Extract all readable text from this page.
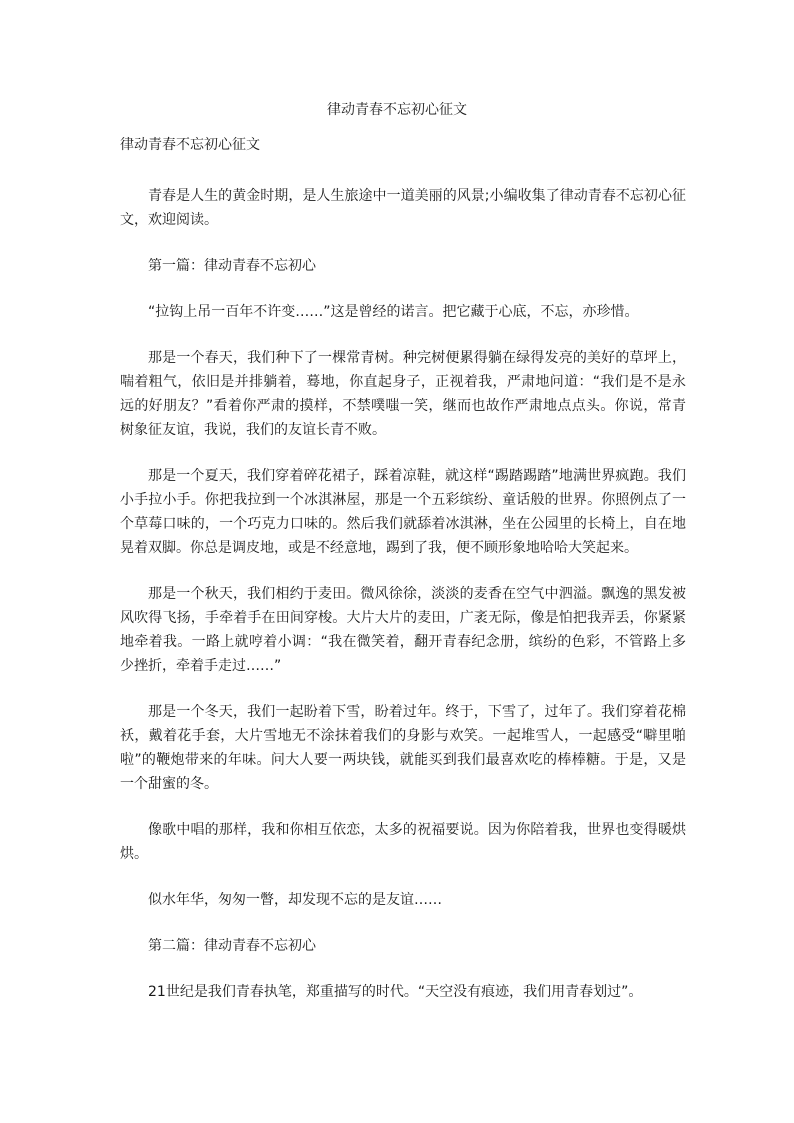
律动青春不忘初心征文
律动青春不忘初心征文

青春是人生的黄金时期，是人生旅途中一道美丽的风景;小编收集了律动青春不忘初心征文，欢迎阅读。

第一篇：律动青春不忘初心

“拉钩上吊一百年不许变……”这是曾经的诺言。把它藏于心底，不忘，亦珍惜。

那是一个春天，我们种下了一棵常青树。种完树便累得躺在绿得发亮的美好的草坪上，喘着粗气，依旧是并排躺着，蓦地，你直起身子，正视着我，严肃地问道：“我们是不是永远的好朋友？”看着你严肃的摸样，不禁噗嗤一笑，继而也故作严肃地点点头。你说，常青树象征友谊，我说，我们的友谊长青不败。

那是一个夏天，我们穿着碎花裙子，踩着凉鞋，就这样“踢踏踢踏”地满世界疯跑。我们小手拉小手。你把我拉到一个冰淇淋屋，那是一个五彩缤纷、童话般的世界。你照例点了一个草莓口味的，一个巧克力口味的。然后我们就舔着冰淇淋，坐在公园里的长椅上，自在地晃着双脚。你总是调皮地，或是不经意地，踢到了我，便不顾形象地哈哈大笑起来。

那是一个秋天，我们相约于麦田。微风徐徐，淡淡的麦香在空气中泗溢。飘逸的黑发被风吹得飞扬，手牵着手在田间穿梭。大片大片的麦田，广袤无际，像是怕把我弄丢，你紧紧地牵着我。一路上就哼着小调：“我在微笑着，翻开青春纪念册，缤纷的色彩，不管路上多少挫折，牵着手走过……”

那是一个冬天，我们一起盼着下雪，盼着过年。终于，下雪了，过年了。我们穿着花棉袄，戴着花手套，大片雪地无不涂抹着我们的身影与欢笑。一起堆雪人，一起感受“噼里啪啦”的鞭炮带来的年味。问大人要一两块钱，就能买到我们最喜欢吃的棒棒糖。于是，又是一个甜蜜的冬。

像歌中唱的那样，我和你相互依恋，太多的祝福要说。因为你陪着我，世界也变得暖烘烘。

似水年华，匆匆一瞥，却发现不忘的是友谊……

第二篇：律动青春不忘初心

21世纪是我们青春执笔，郑重描写的时代。“天空没有痕迹，我们用青春划过”。
